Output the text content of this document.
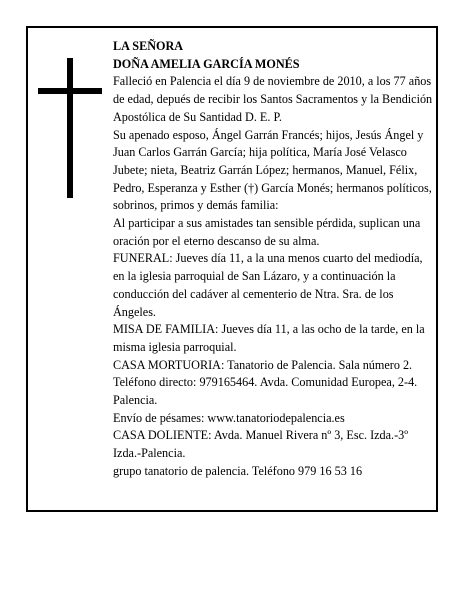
LA SEÑORA

DOÑA AMELIA GARCÍA MONÉS

Falleció en Palencia el día 9 de noviembre de 2010, a los 77 años de edad, depués de recibir los Santos Sacramentos y la Bendición Apostólica de Su Santidad D. E. P.

Su apenado esposo, Ángel Garrán Francés; hijos, Jesús Ángel y Juan Carlos Garrán García; hija política, María José Velasco Jubete; nieta, Beatriz Garrán López; hermanos, Manuel, Félix, Pedro, Esperanza y Esther (†) García Monés; hermanos políticos, sobrinos, primos y demás familia:

Al participar a sus amistades tan sensible pérdida, suplican una oración por el eterno descanso de su alma.

FUNERAL: Jueves día 11, a la una menos cuarto del mediodía, en la iglesia parroquial de San Lázaro, y a continuación la conducción del cadáver al cementerio de Ntra. Sra. de los Ángeles.

MISA DE FAMILIA: Jueves día 11, a las ocho de la tarde, en la misma iglesia parroquial.

CASA MORTUORIA: Tanatorio de Palencia. Sala número 2. Teléfono directo: 979165464. Avda. Comunidad Europea, 2-4. Palencia.

Envío de pésames: www.tanatoriodepalencia.es

CASA DOLIENTE: Avda. Manuel Rivera nº 3, Esc. Izda.-3º Izda.-Palencia.

grupo tanatorio de palencia. Teléfono 979 16 53 16
